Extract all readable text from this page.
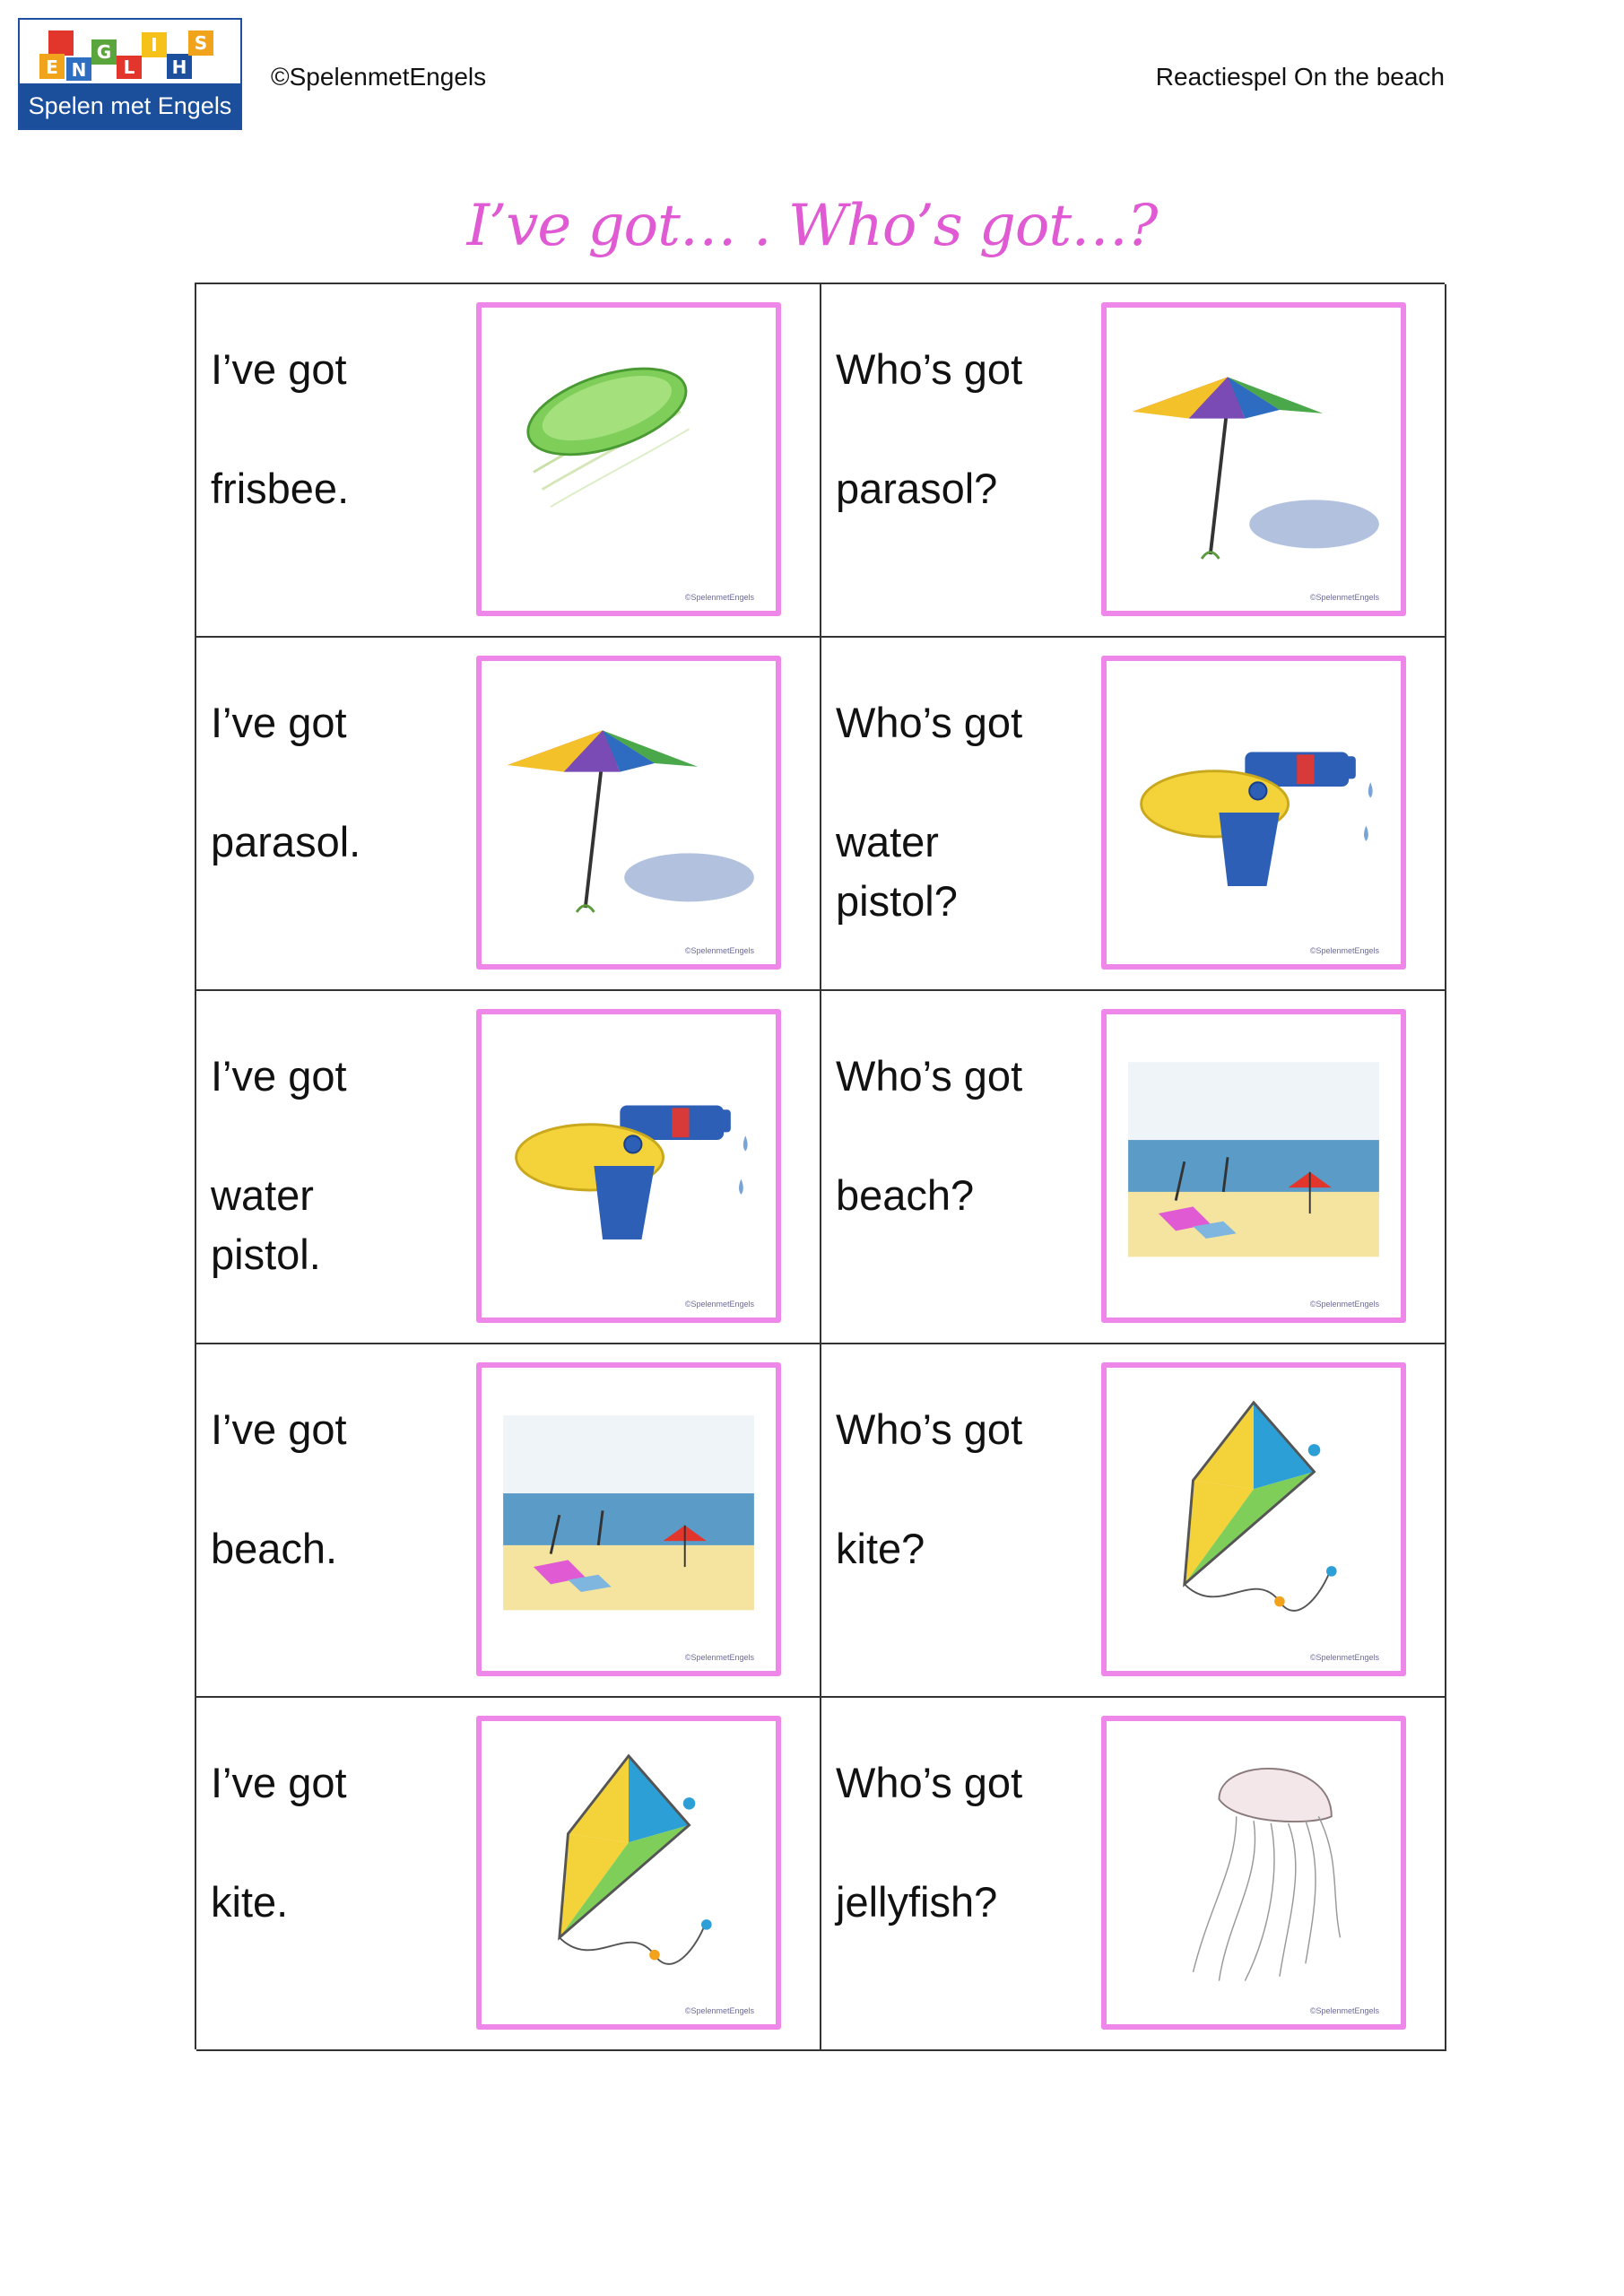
E N
G
L
I S
H
Spelen met Engels
©SpelenmetEngels	Reactiespel On the beach
I’ve got… . Who’s got…?
I’ve got
frisbee.
©SpelenmetEngels
Who’s got
parasol?
©SpelenmetEngels
I’ve got
parasol.
©SpelenmetEngels
Who’s got
water
pistol?
©SpelenmetEngels
I’ve got
water
pistol.
©SpelenmetEngels
Who’s got
beach?
©SpelenmetEngels
I’ve got
beach.
©SpelenmetEngels
Who’s got
kite?
©SpelenmetEngels
I’ve got
kite.
©SpelenmetEngels
Who’s got
jellyfish?
©SpelenmetEngels
